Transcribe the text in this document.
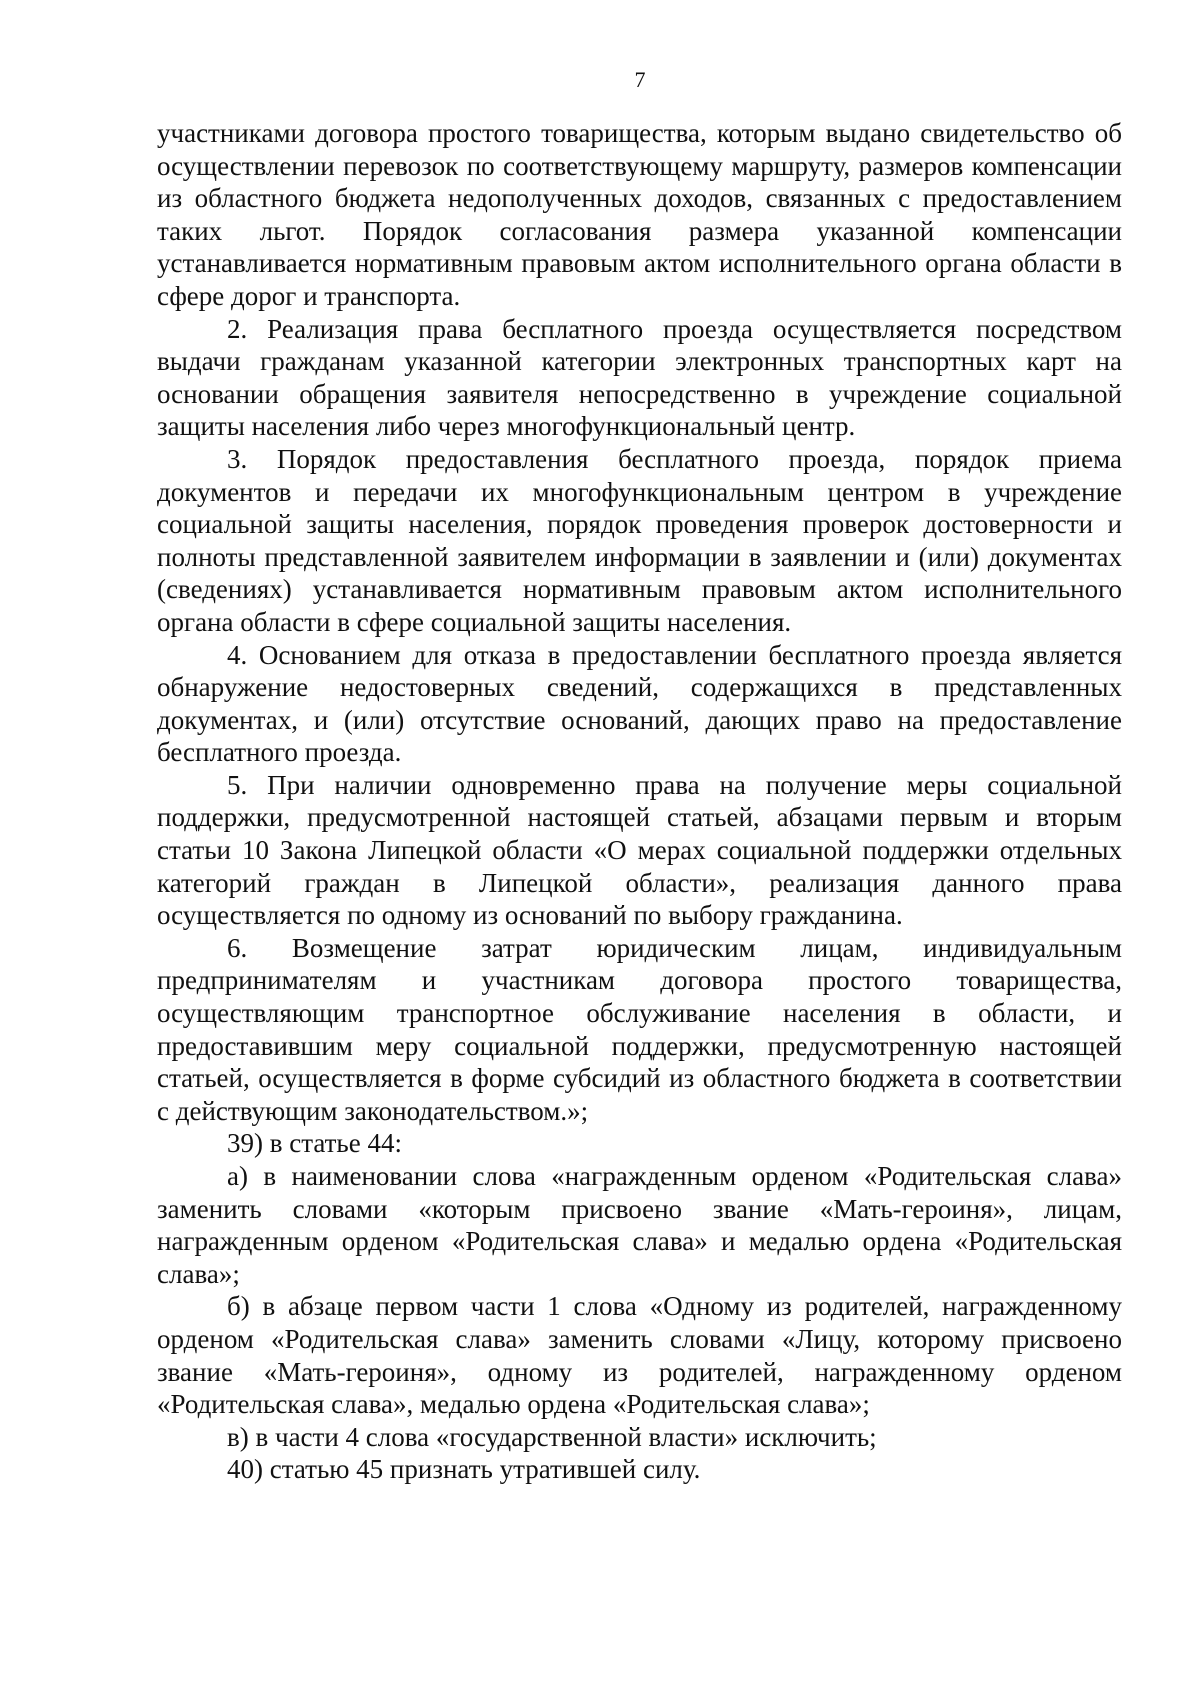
7

участниками договора простого товарищества, которым выдано свидетельство об осуществлении перевозок по соответствующему маршруту, размеров компенсации из областного бюджета недополученных доходов, связанных с предоставлением таких льгот. Порядок согласования размера указанной компенсации устанавливается нормативным правовым актом исполнительного органа области в сфере дорог и транспорта.

2. Реализация права бесплатного проезда осуществляется посредством выдачи гражданам указанной категории электронных транспортных карт на основании обращения заявителя непосредственно в учреждение социальной защиты населения либо через многофункциональный центр.

3. Порядок предоставления бесплатного проезда, порядок приема документов и передачи их многофункциональным центром в учреждение социальной защиты населения, порядок проведения проверок достоверности и полноты представленной заявителем информации в заявлении и (или) документах (сведениях) устанавливается нормативным правовым актом исполнительного органа области в сфере социальной защиты населения.

4. Основанием для отказа в предоставлении бесплатного проезда является обнаружение недостоверных сведений, содержащихся в представленных документах, и (или) отсутствие оснований, дающих право на предоставление бесплатного проезда.

5. При наличии одновременно права на получение меры социальной поддержки, предусмотренной настоящей статьей, абзацами первым и вторым статьи 10 Закона Липецкой области «О мерах социальной поддержки отдельных категорий граждан в Липецкой области», реализация данного права осуществляется по одному из оснований по выбору гражданина.

6. Возмещение затрат юридическим лицам, индивидуальным предпринимателям и участникам договора простого товарищества, осуществляющим транспортное обслуживание населения в области, и предоставившим меру социальной поддержки, предусмотренную настоящей статьей, осуществляется в форме субсидий из областного бюджета в соответствии с действующим законодательством.»;

39) в статье 44:

а) в наименовании слова «награжденным орденом «Родительская слава» заменить словами «которым присвоено звание «Мать-героиня», лицам, награжденным орденом «Родительская слава» и медалью ордена «Родительская слава»;

б) в абзаце первом части 1 слова «Одному из родителей, награжденному орденом «Родительская слава» заменить словами «Лицу, которому присвоено звание «Мать-героиня», одному из родителей, награжденному орденом «Родительская слава», медалью ордена «Родительская слава»;

в) в части 4 слова «государственной власти» исключить;

40) статью 45 признать утратившей силу.
